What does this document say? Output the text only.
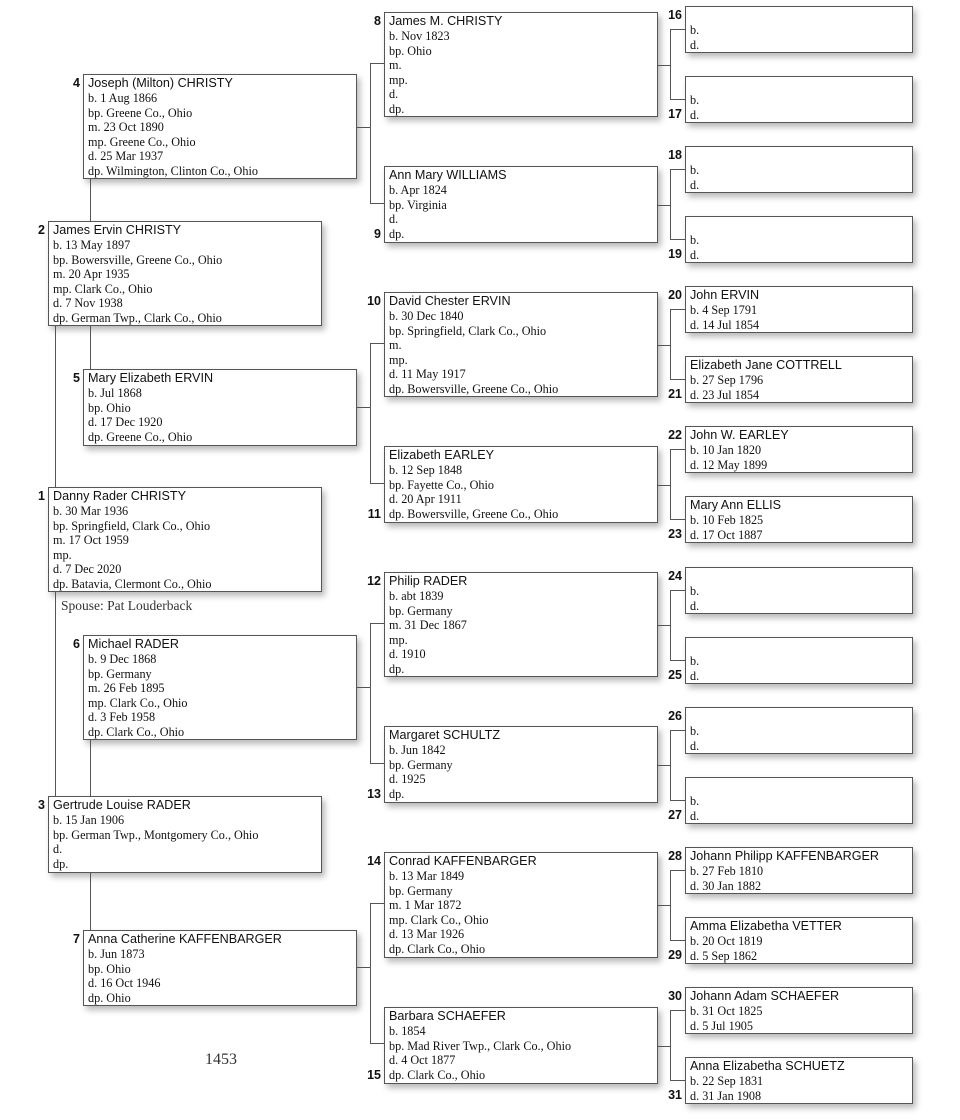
Danny Rader CHRISTY
b. 30 Mar 1936
bp. Springfield, Clark Co., Ohio
m. 17 Oct 1959
mp.
d. 7 Dec 2020
dp. Batavia, Clermont Co., Ohio
1
James Ervin CHRISTY
b. 13 May 1897
bp. Bowersville, Greene Co., Ohio
m. 20 Apr 1935
mp. Clark Co., Ohio
d. 7 Nov 1938
dp. German Twp., Clark Co., Ohio
2
Gertrude Louise RADER
b. 15 Jan 1906
bp. German Twp., Montgomery Co., Ohio
d.
dp.
3
Joseph (Milton) CHRISTY
b. 1 Aug 1866
bp. Greene Co., Ohio
m. 23 Oct 1890
mp. Greene Co., Ohio
d. 25 Mar 1937
dp. Wilmington, Clinton Co., Ohio
4
Mary Elizabeth ERVIN
b. Jul 1868
bp. Ohio
d. 17 Dec 1920
dp. Greene Co., Ohio
5
Michael RADER
b. 9 Dec 1868
bp. Germany
m. 26 Feb 1895
mp. Clark Co., Ohio
d. 3 Feb 1958
dp. Clark Co., Ohio
6
Anna Catherine KAFFENBARGER
b. Jun 1873
bp. Ohio
d. 16 Oct 1946
dp. Ohio
7
James M. CHRISTY
b. Nov 1823
bp. Ohio
m.
mp.
d.
dp.
8
Ann Mary WILLIAMS
b. Apr 1824
bp. Virginia
d.
dp.
9
David Chester ERVIN
b. 30 Dec 1840
bp. Springfield, Clark Co., Ohio
m.
mp.
d. 11 May 1917
dp. Bowersville, Greene Co., Ohio
10
Elizabeth EARLEY
b. 12 Sep 1848
bp. Fayette Co., Ohio
d. 20 Apr 1911
dp. Bowersville, Greene Co., Ohio
11
Philip RADER
b. abt 1839
bp. Germany
m. 31 Dec 1867
mp.
d. 1910
dp.
12
Margaret SCHULTZ
b. Jun 1842
bp. Germany
d. 1925
dp.
13
Conrad KAFFENBARGER
b. 13 Mar 1849
bp. Germany
m. 1 Mar 1872
mp. Clark Co., Ohio
d. 13 Mar 1926
dp. Clark Co., Ohio
14
Barbara SCHAEFER
b. 1854
bp. Mad River Twp., Clark Co., Ohio
d. 4 Oct 1877
dp. Clark Co., Ohio
15
b.
d.
16
b.
d.
17
b.
d.
18
b.
d.
19
John ERVIN
b. 4 Sep 1791
d. 14 Jul 1854
20
Elizabeth Jane COTTRELL
b. 27 Sep 1796
d. 23 Jul 1854
21
John W. EARLEY
b. 10 Jan 1820
d. 12 May 1899
22
Mary Ann ELLIS
b. 10 Feb 1825
d. 17 Oct 1887
23
b.
d.
24
b.
d.
25
b.
d.
26
b.
d.
27
Johann Philipp KAFFENBARGER
b. 27 Feb 1810
d. 30 Jan 1882
28
Amma Elizabetha VETTER
b. 20 Oct 1819
d. 5 Sep 1862
29
Johann Adam SCHAEFER
b. 31 Oct 1825
d. 5 Jul 1905
30
Anna Elizabetha SCHUETZ
b. 22 Sep 1831
d. 31 Jan 1908
31
Spouse: Pat Louderback
1453
